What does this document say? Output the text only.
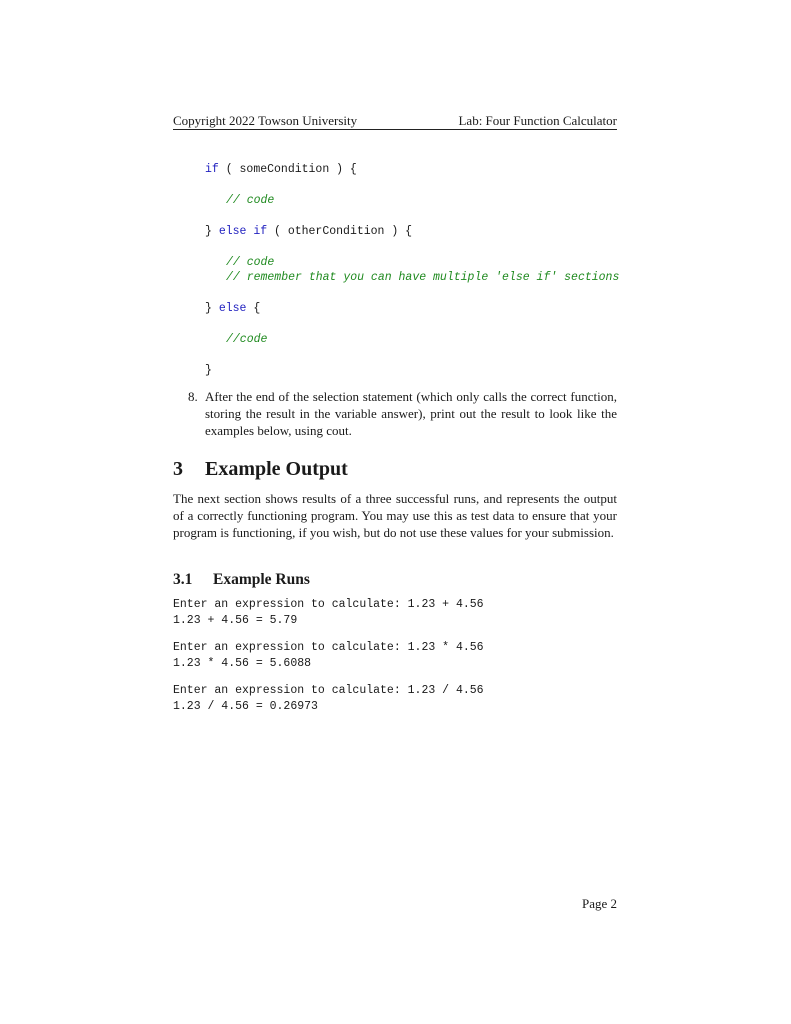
Copyright 2022 Towson University	Lab: Four Function Calculator
if ( someCondition ) {
// code
} else if ( otherCondition ) {
// code
// remember that you can have multiple 'else if' sections
} else {
//code
}
8. After the end of the selection statement (which only calls the correct function, storing the result in the variable answer), print out the result to look like the examples below, using cout.
3 Example Output
The next section shows results of a three successful runs, and represents the output of a correctly functioning program. You may use this as test data to ensure that your program is functioning, if you wish, but do not use these values for your submission.
3.1 Example Runs
Enter an expression to calculate: 1.23 + 4.56
1.23 + 4.56 = 5.79
Enter an expression to calculate: 1.23 * 4.56
1.23 * 4.56 = 5.6088
Enter an expression to calculate: 1.23 / 4.56
1.23 / 4.56 = 0.26973
Page 2
